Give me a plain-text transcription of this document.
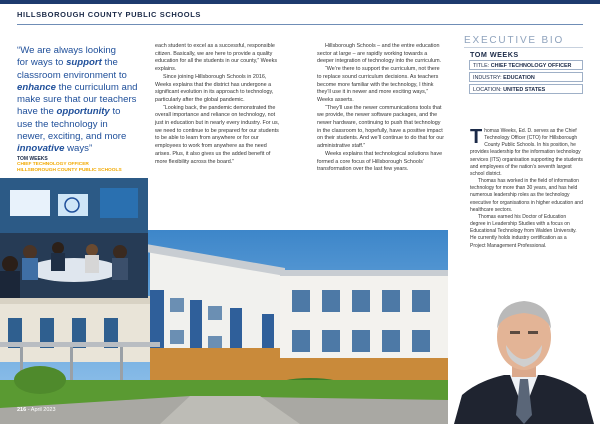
HILLSBOROUGH COUNTY PUBLIC SCHOOLS
“We are always looking
for ways to support the
classroom environment to
enhance the curriculum and
make sure that our teachers
have the opportunity to
use the technology in
newer, exciting, and more
innovative ways”
TOM WEEKS
CHIEF TECHNOLOGY OFFICER
HILLSBOROUGH COUNTY PUBLIC SCHOOLS

each student to excel as a successful, responsible citizen. Basically, we are here to provide a quality education for all the students in our county,” Weeks explains.

Since joining Hillsborough Schools in 2016, Weeks explains that the district has undergone a significant evolution in its approach to technology, particularly after the global pandemic.

“Looking back, the pandemic demonstrated the overall importance and reliance on technology, not just in education but in nearly every industry. For us, we need to continue to be prepared for our students to be able to learn from anywhere or for our employees to work from anywhere as the need arises. Plus, it also gives us the added benefit of more flexibility across the board.”

Hillsborough Schools – and the entire education sector at large – are rapidly working towards a deeper integration of technology into the curriculum.

“We’re there to support the curriculum, not there to replace sound curriculum decisions. As teachers become more familiar with the technology, I think they’ll use it in newer and more exciting ways,” Weeks asserts.

“They’ll use the newer communications tools that we provide, the newer software packages, and the newer hardware, continuing to push that technology in the classroom to, hopefully, have a positive impact on their students. And we’ll continue to do that for our administrative staff.”

Weeks explains that technological solutions have formed a core focus of Hillsborough Schools’ transformation over the last few years.

EXECUTIVE BIO
TOM WEEKS
TITLE: CHIEF TECHNOLOGY OFFICER
INDUSTRY: EDUCATION
LOCATION: UNITED STATES

Thomas Weeks, Ed. D. serves as the Chief Technology Officer (CTO) for Hillsborough County Public Schools. In his position, he provides leadership for the information technology services (ITS) organisation supporting the students and employees of the nation’s seventh largest school district.

Thomas has worked in the field of information technology for more than 30 years, and has held numerous leadership roles as the technology executive for organisations in higher education and healthcare sectors.

Thomas earned his Doctor of Education degree in Leadership Studies with a focus on Educational Technology from Walden University. He currently holds industry certification as a Project Management Professional.

216 - April 2023
